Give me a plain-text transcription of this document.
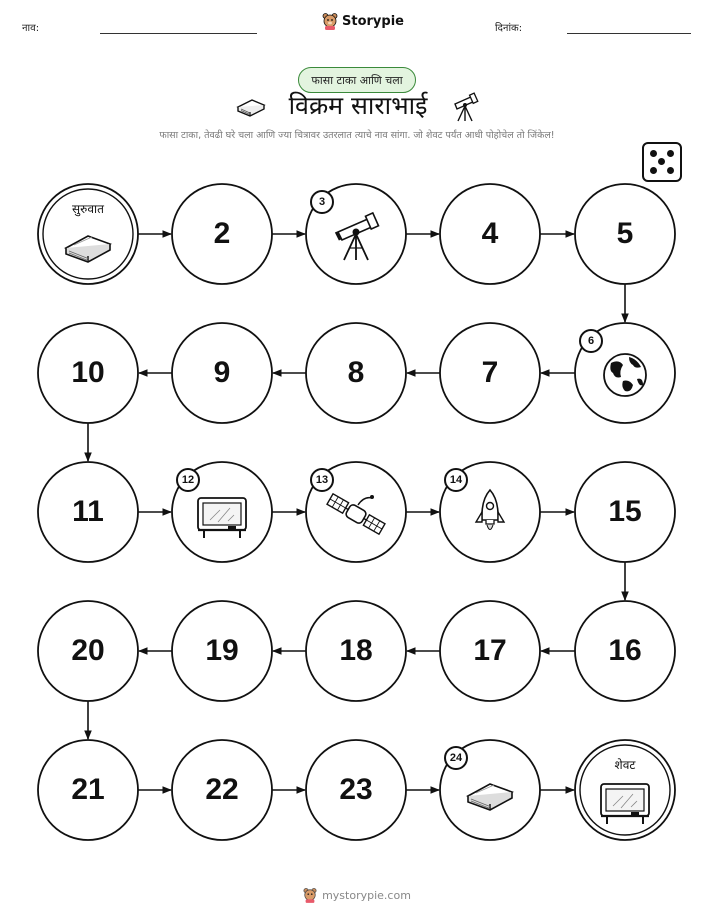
नाव:	Storypie	दिनांक:
फासा टाका आणि चला
विक्रम साराभाई
फासा टाका, तेवढी घरे चला आणि ज्या चित्रावर उतरलात त्याचे नाव सांगा. जो शेवट पर्यंत आधी पोहोचेल तो जिंकेल!
सुरुवात
2
3
4	5
6
7
8
9
10
11
12	13	14
15
16
17
18
19
20
21	22	23
24	शेवट
mystorypie.com
